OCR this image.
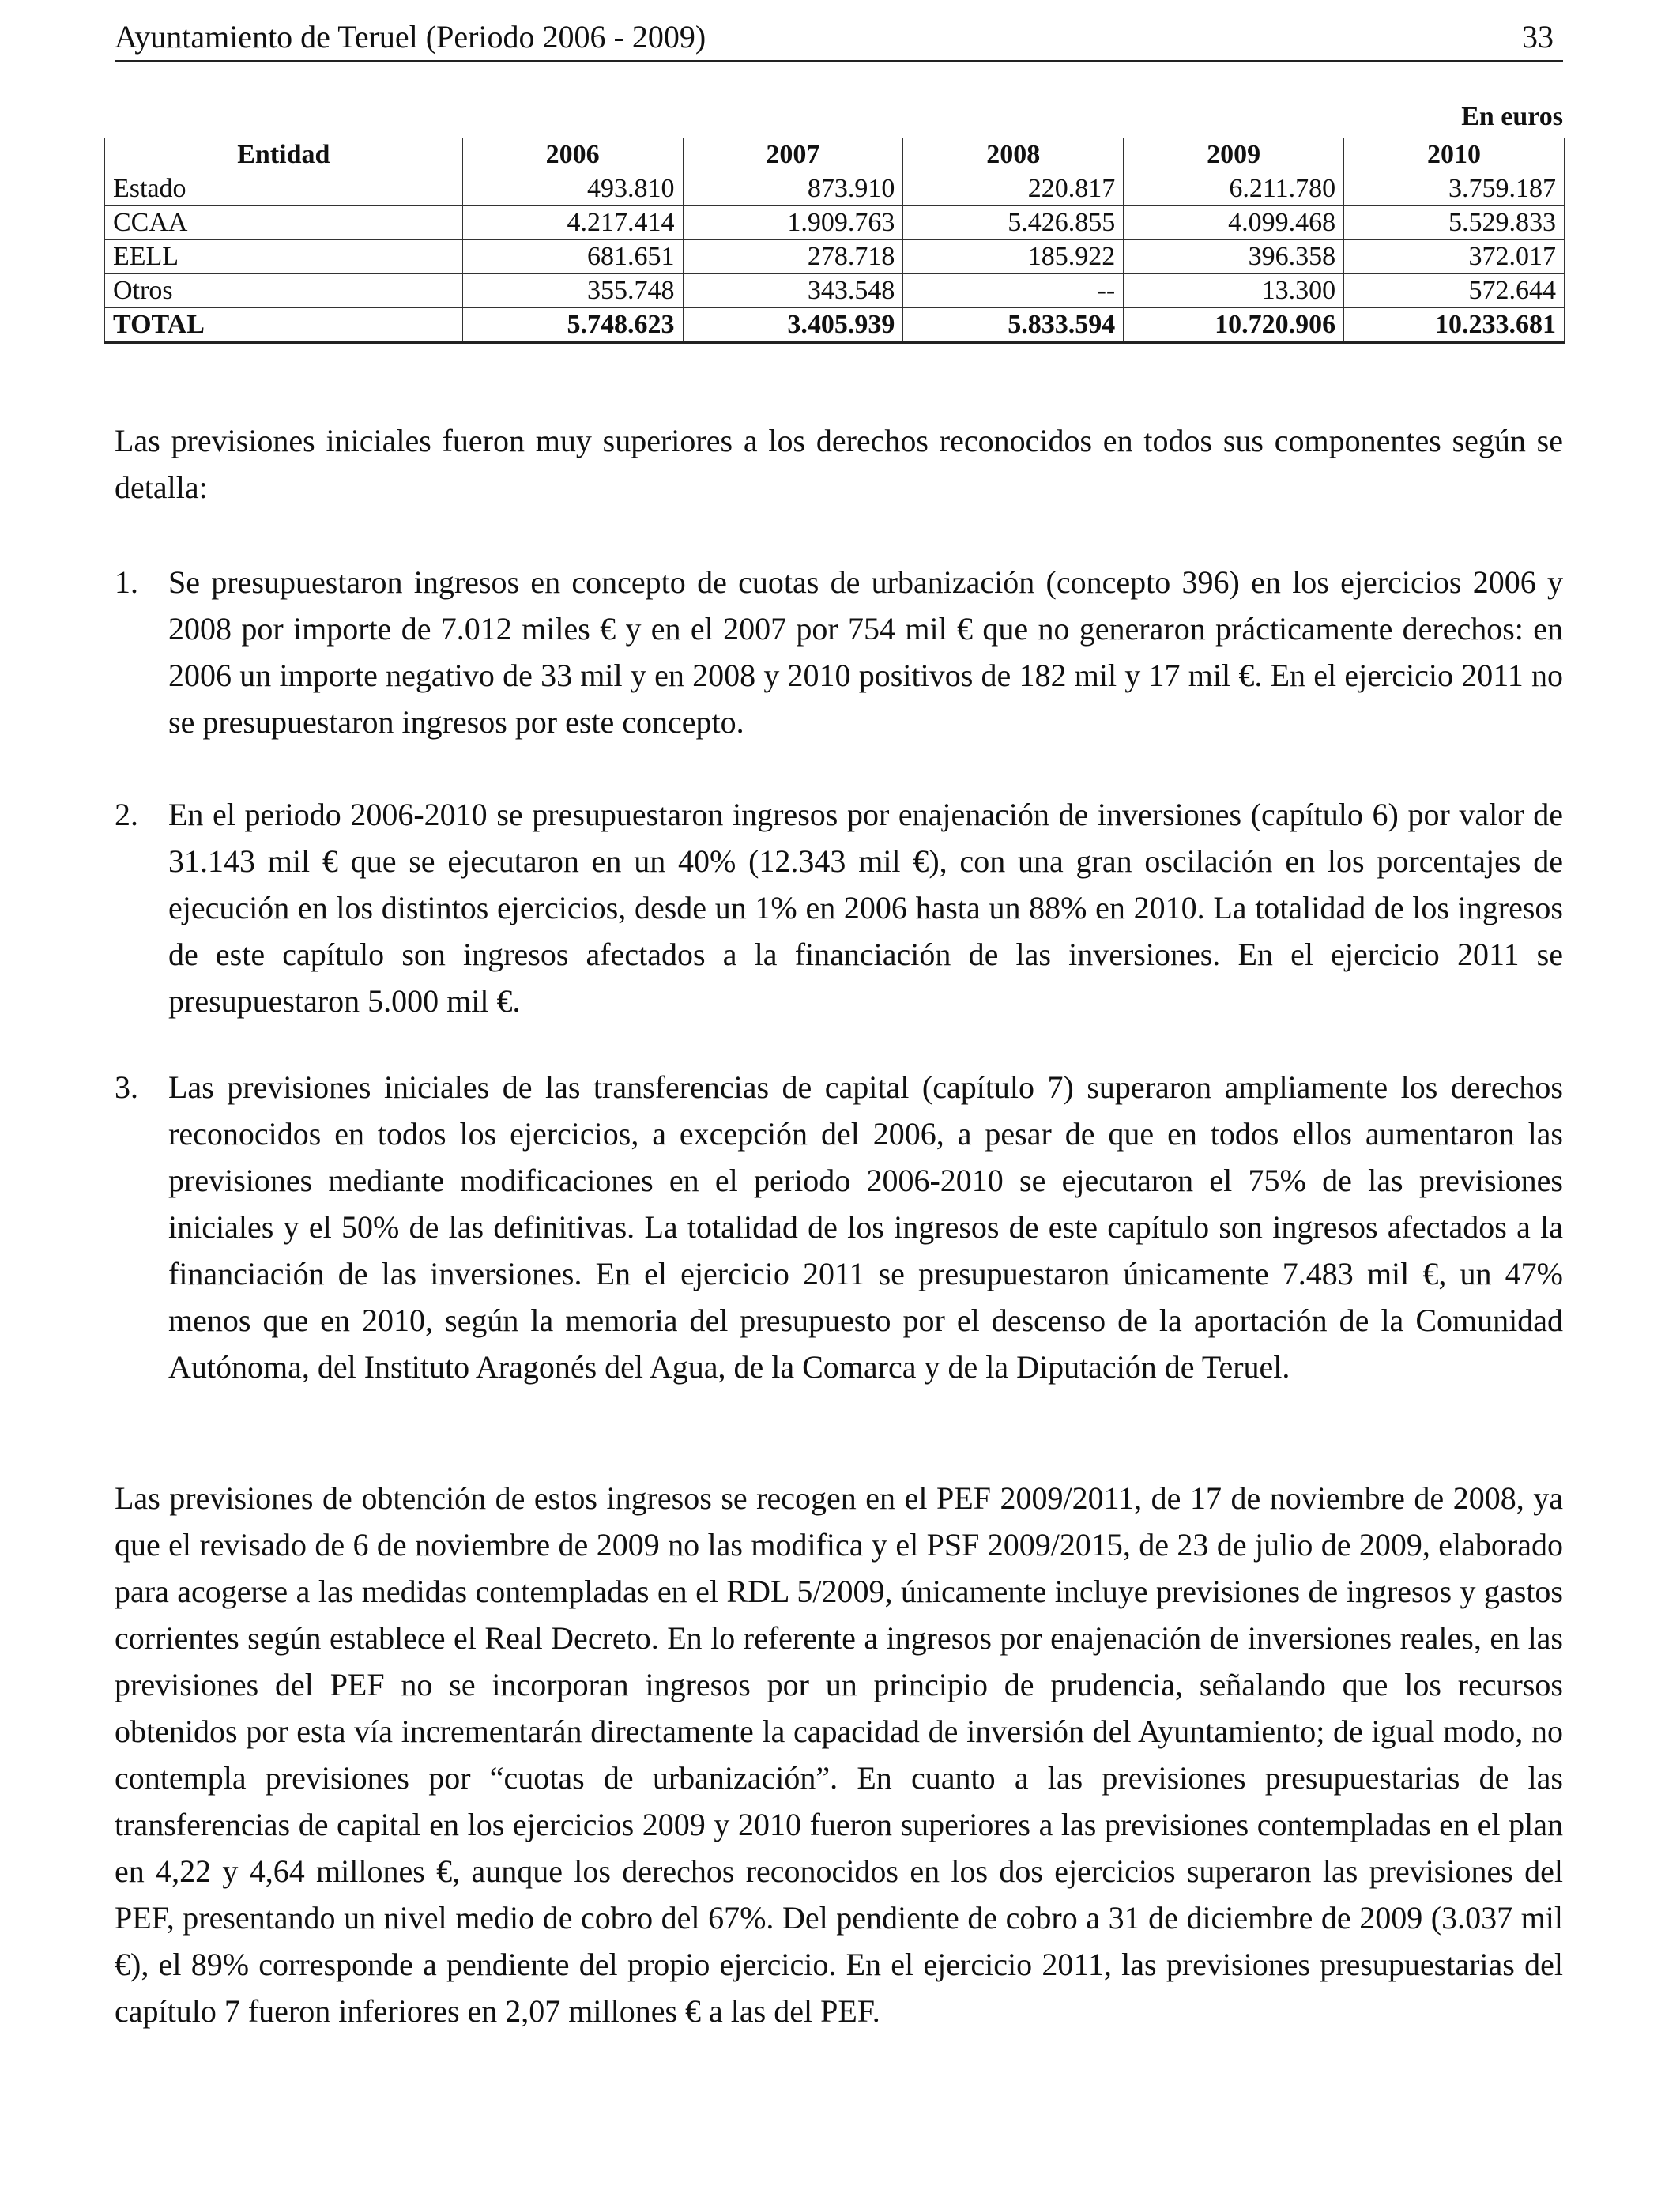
Ayuntamiento de Teruel (Periodo 2006 - 2009)	33
En euros
Entidad	2006	2007	2008	2009	2010
Estado	493.810	873.910	220.817	6.211.780	3.759.187
CCAA	4.217.414	1.909.763	5.426.855	4.099.468	5.529.833
EELL	681.651	278.718	185.922	396.358	372.017
Otros	355.748	343.548	--	13.300	572.644
TOTAL	5.748.623	3.405.939	5.833.594	10.720.906	10.233.681

Las previsiones iniciales fueron muy superiores a los derechos reconocidos en todos sus componentes según se detalla:

1. Se presupuestaron ingresos en concepto de cuotas de urbanización (concepto 396) en los ejercicios 2006 y 2008 por importe de 7.012 miles € y en el 2007 por 754 mil € que no generaron prácticamente derechos: en 2006 un importe negativo de 33 mil y en 2008 y 2010 positivos de 182 mil y 17 mil €. En el ejercicio 2011 no se presupuestaron ingresos por este concepto.
2. En el periodo 2006-2010 se presupuestaron ingresos por enajenación de inversiones (capítulo 6) por valor de 31.143 mil € que se ejecutaron en un 40% (12.343 mil €), con una gran oscilación en los porcentajes de ejecución en los distintos ejercicios, desde un 1% en 2006 hasta un 88% en 2010. La totalidad de los ingresos de este capítulo son ingresos afectados a la financiación de las inversiones. En el ejercicio 2011 se presupuestaron 5.000 mil €.
3. Las previsiones iniciales de las transferencias de capital (capítulo 7) superaron ampliamente los derechos reconocidos en todos los ejercicios, a excepción del 2006, a pesar de que en todos ellos aumentaron las previsiones mediante modificaciones en el periodo 2006-2010 se ejecutaron el 75% de las previsiones iniciales y el 50% de las definitivas. La totalidad de los ingresos de este capítulo son ingresos afectados a la financiación de las inversiones. En el ejercicio 2011 se presupuestaron únicamente 7.483 mil €, un 47% menos que en 2010, según la memoria del presupuesto por el descenso de la aportación de la Comunidad Autónoma, del Instituto Aragonés del Agua, de la Comarca y de la Diputación de Teruel.

Las previsiones de obtención de estos ingresos se recogen en el PEF 2009/2011, de 17 de noviembre de 2008, ya que el revisado de 6 de noviembre de 2009 no las modifica y el PSF 2009/2015, de 23 de julio de 2009, elaborado para acogerse a las medidas contempladas en el RDL 5/2009, únicamente incluye previsiones de ingresos y gastos corrientes según establece el Real Decreto. En lo referente a ingresos por enajenación de inversiones reales, en las previsiones del PEF no se incorporan ingresos por un principio de prudencia, señalando que los recursos obtenidos por esta vía incrementarán directamente la capacidad de inversión del Ayuntamiento; de igual modo, no contempla previsiones por “cuotas de urbanización”. En cuanto a las previsiones presupuestarias de las transferencias de capital en los ejercicios 2009 y 2010 fueron superiores a las previsiones contempladas en el plan en 4,22 y 4,64 millones €, aunque los derechos reconocidos en los dos ejercicios superaron las previsiones del PEF, presentando un nivel medio de cobro del 67%. Del pendiente de cobro a 31 de diciembre de 2009 (3.037 mil €), el 89% corresponde a pendiente del propio ejercicio. En el ejercicio 2011, las previsiones presupuestarias del capítulo 7 fueron inferiores en 2,07 millones € a las del PEF.
